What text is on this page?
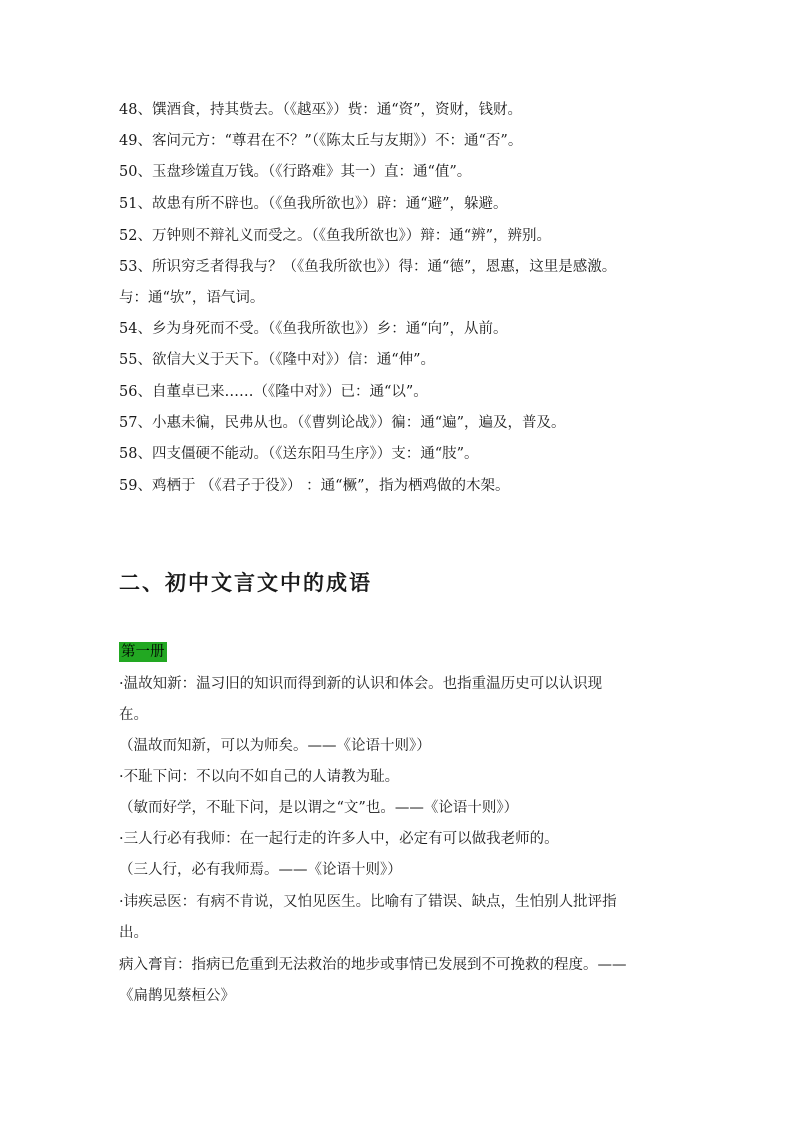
48、馔酒食，持其赀去。（《越巫》）赀：通“资”，资财，钱财。
49、客问元方：“尊君在不？”（《陈太丘与友期》）不：通“否”。
50、玉盘珍馐直万钱。（《行路难》其一）直：通“值”。
51、故患有所不辟也。（《鱼我所欲也》）辟：通“避”，躲避。
52、万钟则不辩礼义而受之。（《鱼我所欲也》）辩：通“辨”，辨别。
53、所识穷乏者得我与？（《鱼我所欲也》）得：通“德”，恩惠，这里是感激。
与：通“欤”，语气词。
54、乡为身死而不受。（《鱼我所欲也》）乡：通“向”，从前。
55、欲信大义于天下。（《隆中对》）信：通“伸”。
56、自董卓已来……（《隆中对》）已：通“以”。
57、小惠未徧，民弗从也。（《曹刿论战》）徧：通“遍”，遍及，普及。
58、四支僵硬不能动。（《送东阳马生序》）支：通“肢”。
59、鸡栖于 （《君子于役》） ：通“橛”，指为栖鸡做的木架。
二、初中文言文中的成语
第一册
·温故知新：温习旧的知识而得到新的认识和体会。也指重温历史可以认识现
在。
（温故而知新，可以为师矣。——《论语十则》）
·不耻下问：不以向不如自己的人请教为耻。
（敏而好学，不耻下问，是以谓之“文”也。——《论语十则》）
·三人行必有我师：在一起行走的许多人中，必定有可以做我老师的。
（三人行，必有我师焉。——《论语十则》）
·讳疾忌医：有病不肯说，又怕见医生。比喻有了错误、缺点，生怕别人批评指
出。
病入膏肓：指病已危重到无法救治的地步或事情已发展到不可挽救的程度。——
《扁鹊见蔡桓公》
